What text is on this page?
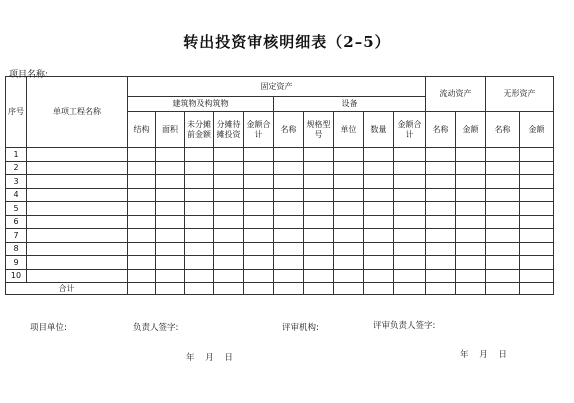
转出投资审核明细表（2–5）
项目名称:
序号	单项工程名称	固定资产										流动资产		无形资产	
		建筑物及构筑物					设备								
		结构	面积	未分摊前金额	分摊待摊投资	金额合计	名称	规格型号	单位	数量	金额合计	名称	金额	名称	金额
1															
2															
3															
4															
5															
6															
7															
8															
9															
10															
合计															
项目单位:	负责人签字:	评审机构:	评审负责人签字:
年 月 日	年 月 日
